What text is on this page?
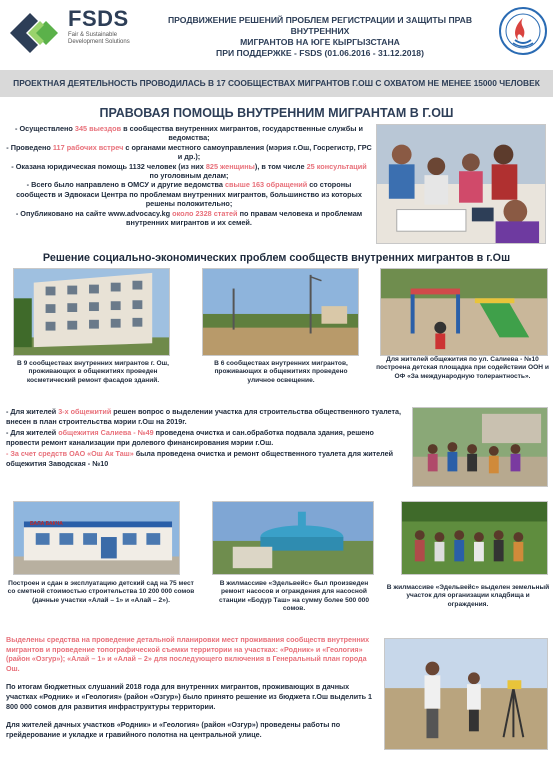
FSDS
Fair & Sustainable Development Solutions
ПРОДВИЖЕНИЕ РЕШЕНИЙ ПРОБЛЕМ РЕГИСТРАЦИИ И ЗАЩИТЫ ПРАВ ВНУТРЕННИХ
МИГРАНТОВ НА ЮГЕ КЫРГЫЗСТАНА
ПРИ ПОДДЕРЖКЕ - FSDS (01.06.2016 - 31.12.2018)
ПРОЕКТНАЯ ДЕЯТЕЛЬНОСТЬ ПРОВОДИЛАСЬ В 17 СООБЩЕСТВАХ МИГРАНТОВ Г.ОШ С ОХВАТОМ НЕ МЕНЕЕ 15000 ЧЕЛОВЕК
ПРАВОВАЯ ПОМОЩЬ ВНУТРЕННИМ МИГРАНТАМ В Г.ОШ

- Осуществлено 345 выездов в сообщества внутренних мигрантов, государственные службы и ведомства;

- Проведено 117 рабочих встреч с органами местного самоуправления (мэрия г.Ош, Госрегистр, ГРС и др.);

- Оказана юридическая помощь 1132 человек (из них 825 женщины), в том числе 25 консультаций по уголовным делам;

- Всего было направлено в ОМСУ и другие ведомства свыше 163 обращений со стороны сообществ и Эдвокаси Центра по проблемам внутренних мигрантов, большинство из которых решены положительно;

- Опубликовано на сайте www.advocacy.kg около 2328 статей по правам человека и проблемам внутренних мигрантов и их семей.

Решение социально-экономических проблем сообществ внутренних мигрантов в г.Ош
В 9 сообществах внутренних мигрантов г. Ош, проживающих в общежитиях проведен косметический ремонт фасадов зданий.
В 6 сообществах внутренних мигрантов, проживающих в общежитиях проведено уличное освещение.
Для жителей общежития по ул. Салиева - №10 построена детская площадка при содействии ООН и ОФ «За международную толерантность».

- Для жителей 3-х общежитий решен вопрос о выделении участка для строительства общественного туалета, внесен в план строительства мэрии г.Ош на 2019г.

- Для жителей общежития Салиева - №49 проведена очистка и сан.обработка подвала здания, решено провести ремонт канализации при долевого финансирования мэрии г.Ош.

- За счет средств ОАО «Ош Ак Таш» была проведена очистка и ремонт общественного туалета для жителей общежития Заводская - №10

БАЛА БАКЧА
Построен и сдан в эксплуатацию детский сад на 75 мест со сметной стоимостью строительства 10 200 000 сомов (дачные участки «Алай – 1» и «Алай – 2»).
В жилмассиве «Эдельвейс» был произведен ремонт насосов и ограждения для насосной станции «Бодур Таш» на сумму более 500 000 сомов.
В жилмассиве «Эдельвейс» выделен земельный участок для организации кладбища и ограждения.

Выделены средства на проведение детальной планировки мест проживания сообществ внутренних мигрантов и проведение топографической съемки территории на участках: «Родник» и «Геология» (район «Озгур»); «Алай – 1» и «Алай – 2» для последующего включения в Генеральный план города Ош.

По итогам бюджетных слушаний 2018 года для внутренних мигрантов, проживающих в дачных участках «Родник» и «Геология» (район «Озгур») было принято решение из бюджета г.Ош выделить 1 800 000 сомов для развития инфраструктуры территории.

Для жителей дачных участков «Родник» и «Геология» (район «Озгур») проведены работы по грейдерование и укладке и гравийного полотна на центральной улице.
